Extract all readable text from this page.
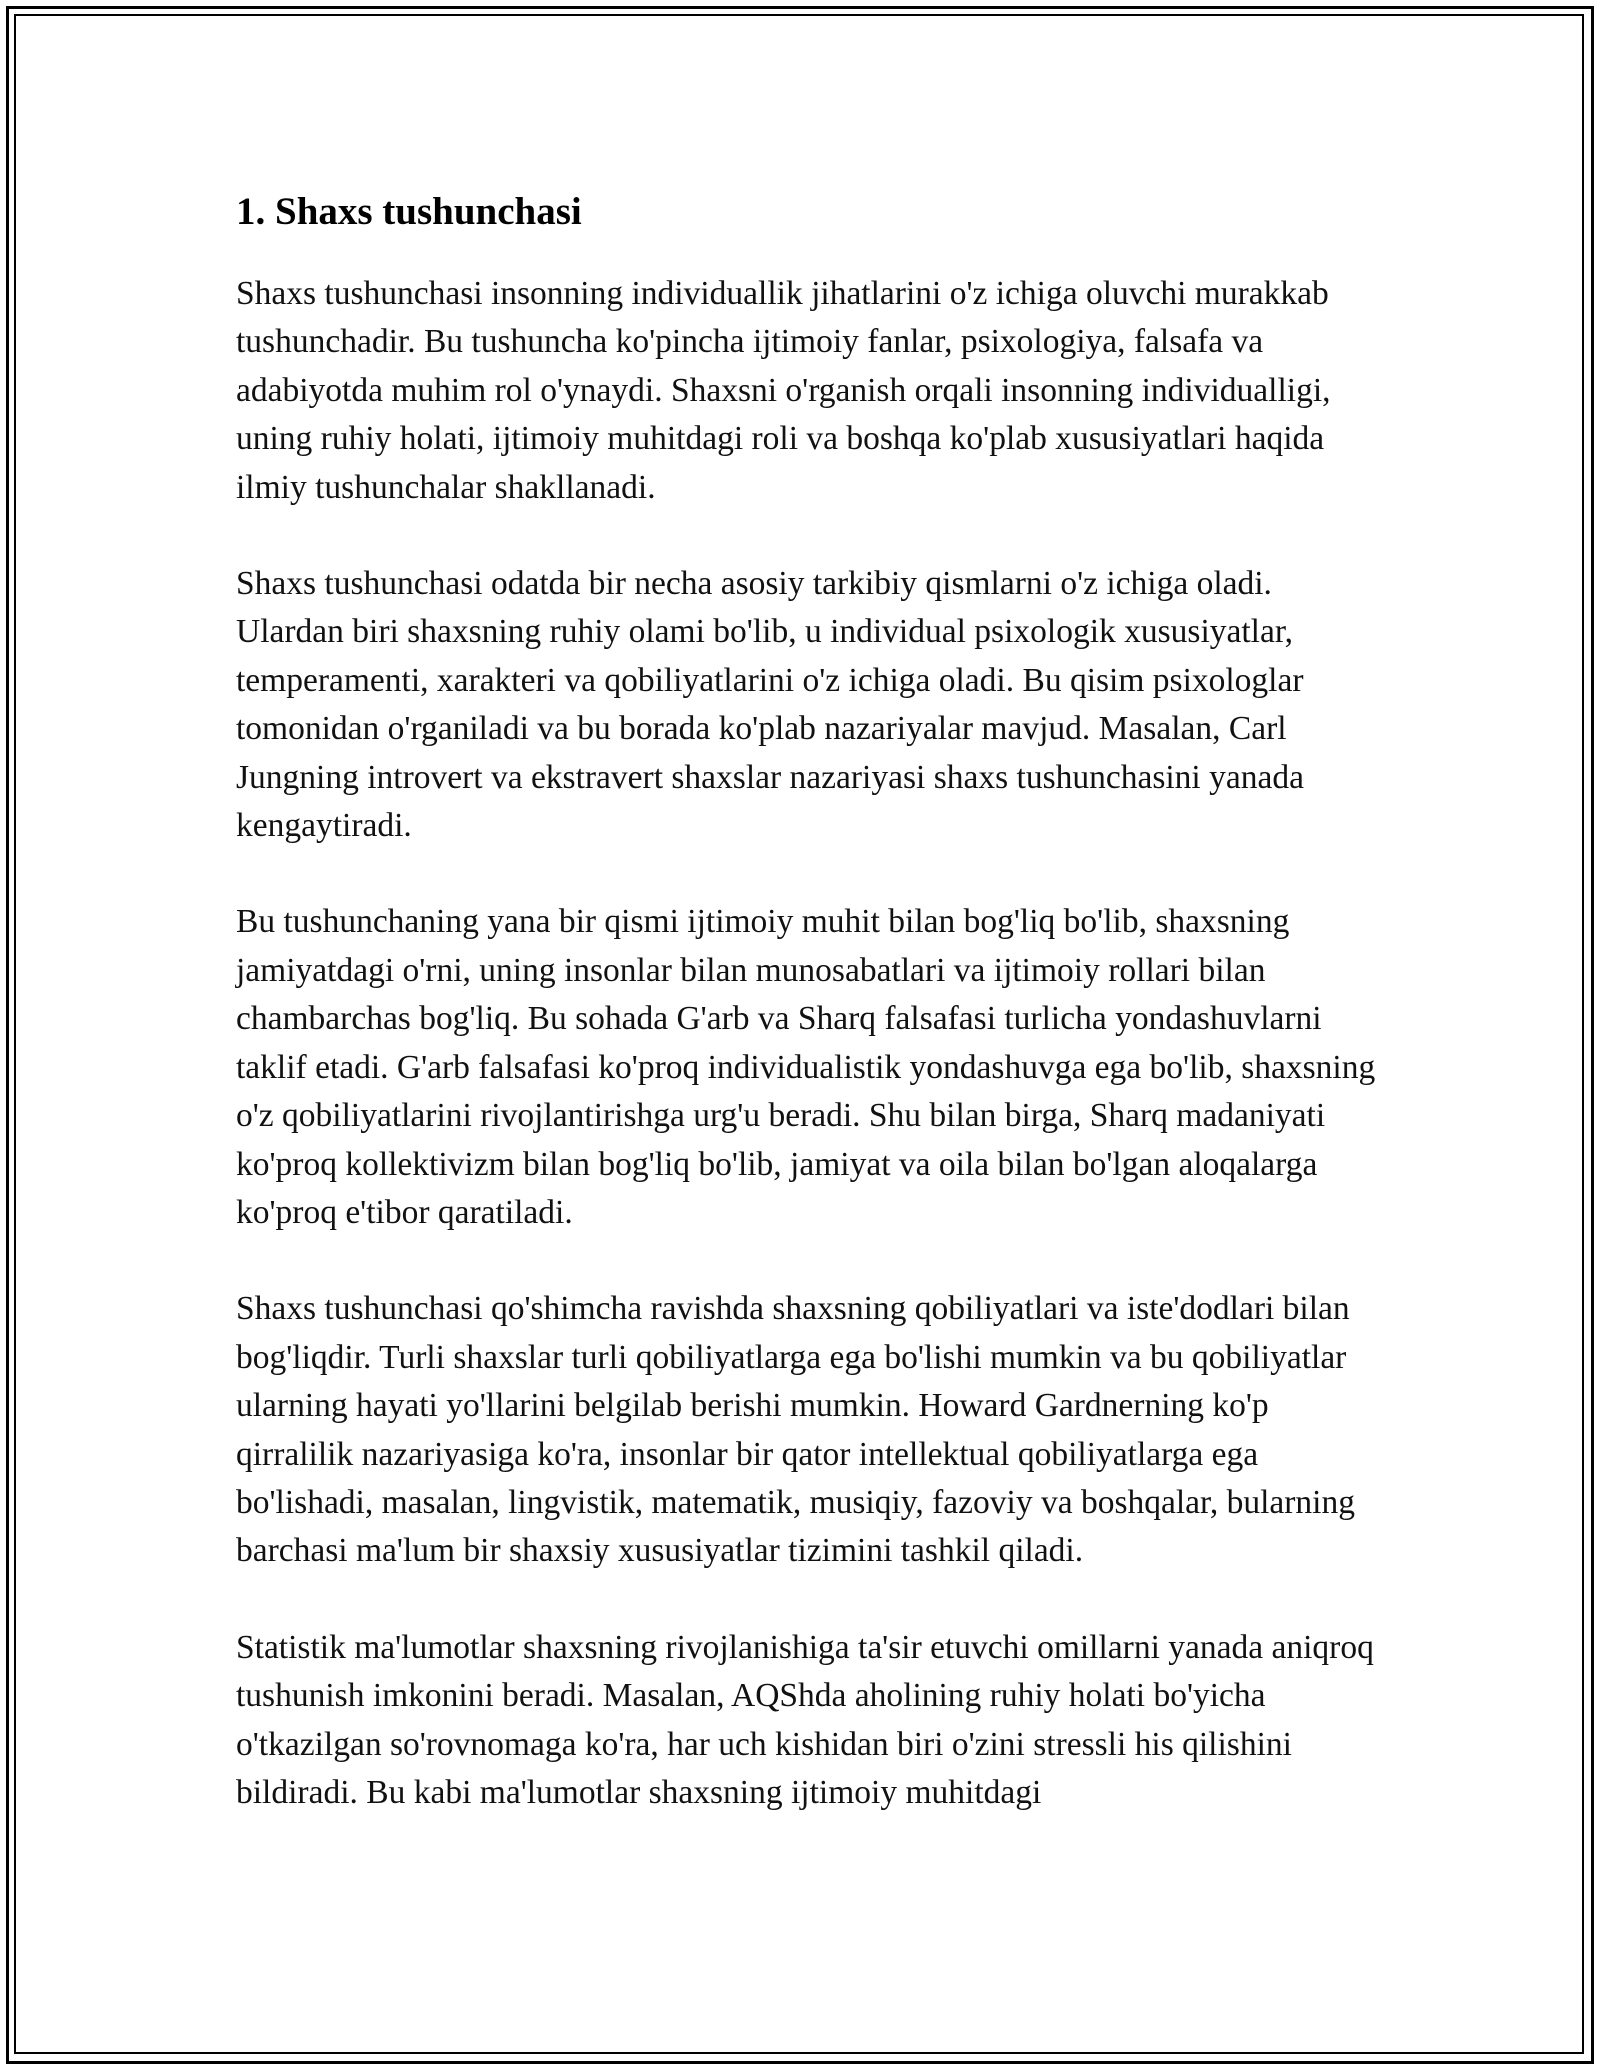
1. Shaxs tushunchasi

Shaxs tushunchasi insonning individuallik jihatlarini o'z ichiga oluvchi murakkab tushunchadir. Bu tushuncha ko'pincha ijtimoiy fanlar, psixologiya, falsafa va adabiyotda muhim rol o'ynaydi. Shaxsni o'rganish orqali insonning individualligi, uning ruhiy holati, ijtimoiy muhitdagi roli va boshqa ko'plab xususiyatlari haqida ilmiy tushunchalar shakllanadi.

Shaxs tushunchasi odatda bir necha asosiy tarkibiy qismlarni o'z ichiga oladi. Ulardan biri shaxsning ruhiy olami bo'lib, u individual psixologik xususiyatlar, temperamenti, xarakteri va qobiliyatlarini o'z ichiga oladi. Bu qisim psixologlar tomonidan o'rganiladi va bu borada ko'plab nazariyalar mavjud. Masalan, Carl Jungning introvert va ekstravert shaxslar nazariyasi shaxs tushunchasini yanada kengaytiradi.

Bu tushunchaning yana bir qismi ijtimoiy muhit bilan bog'liq bo'lib, shaxsning jamiyatdagi o'rni, uning insonlar bilan munosabatlari va ijtimoiy rollari bilan chambarchas bog'liq. Bu sohada G'arb va Sharq falsafasi turlicha yondashuvlarni taklif etadi. G'arb falsafasi ko'proq individualistik yondashuvga ega bo'lib, shaxsning o'z qobiliyatlarini rivojlantirishga urg'u beradi. Shu bilan birga, Sharq madaniyati ko'proq kollektivizm bilan bog'liq bo'lib, jamiyat va oila bilan bo'lgan aloqalarga ko'proq e'tibor qaratiladi.

Shaxs tushunchasi qo'shimcha ravishda shaxsning qobiliyatlari va iste'dodlari bilan bog'liqdir. Turli shaxslar turli qobiliyatlarga ega bo'lishi mumkin va bu qobiliyatlar ularning hayati yo'llarini belgilab berishi mumkin. Howard Gardnerning ko'p qirralilik nazariyasiga ko'ra, insonlar bir qator intellektual qobiliyatlarga ega bo'lishadi, masalan, lingvistik, matematik, musiqiy, fazoviy va boshqalar, bularning barchasi ma'lum bir shaxsiy xususiyatlar tizimini tashkil qiladi.

Statistik ma'lumotlar shaxsning rivojlanishiga ta'sir etuvchi omillarni yanada aniqroq tushunish imkonini beradi. Masalan, AQShda aholining ruhiy holati bo'yicha o'tkazilgan so'rovnomaga ko'ra, har uch kishidan biri o'zini stressli his qilishini bildiradi. Bu kabi ma'lumotlar shaxsning ijtimoiy muhitdagi
